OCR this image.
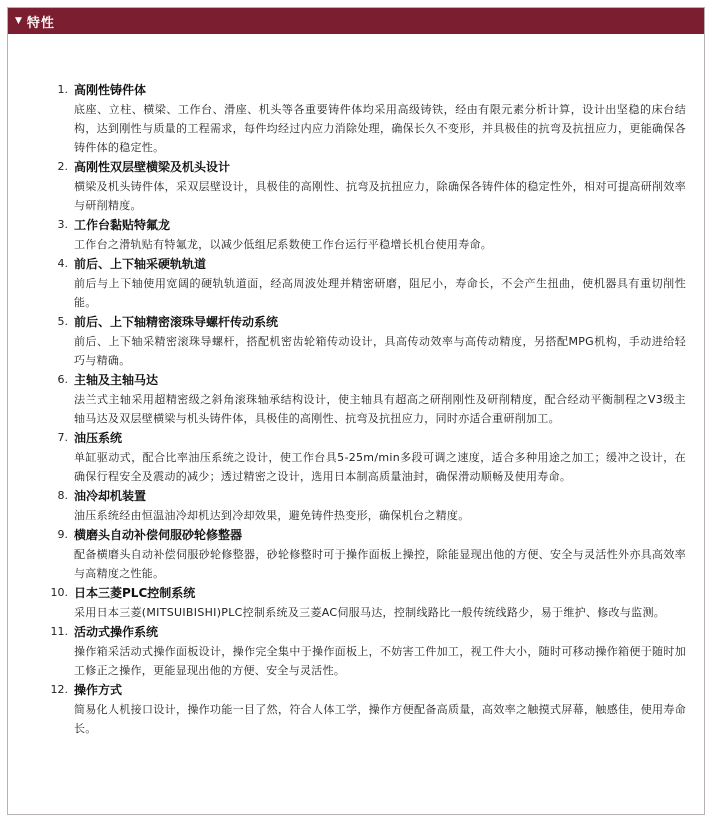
▼ 特性
1. 高刚性铸件体
底座、立柱、横梁、工作台、滑座、机头等各重要铸件体均采用高级铸铁，经由有限元素分析计算，设计出坚稳的床台结构，达到刚性与质量的工程需求，每件均经过内应力消除处理，确保长久不变形，并具极佳的抗弯及抗扭应力，更能确保各铸件体的稳定性。
2. 高刚性双层壁横梁及机头设计
横梁及机头铸件体，采双层壁设计，具极佳的高刚性、抗弯及抗扭应力，除确保各铸件体的稳定性外，相对可提高研削效率与研削精度。
3. 工作台黏贴特氟龙
工作台之滑轨贴有特氟龙，以减少低组尼系数使工作台运行平稳增长机台使用寿命。
4. 前后、上下轴采硬轨轨道
前后与上下轴使用宽阔的硬轨轨道面，经高周波处理并精密研磨，阻尼小，寿命长，不会产生扭曲，使机器具有重切削性能。
5. 前后、上下轴精密滚珠导螺杆传动系统
前后、上下轴采精密滚珠导螺杆，搭配机密齿轮箱传动设计，具高传动效率与高传动精度，另搭配MPG机构，手动进给轻巧与精确。
6. 主轴及主轴马达
法兰式主轴采用超精密级之斜角滚珠轴承结构设计，使主轴具有超高之研削刚性及研削精度，配合经动平衡制程之V3级主轴马达及双层壁横梁与机头铸件体，具极佳的高刚性、抗弯及抗扭应力，同时亦适合重研削加工。
7. 油压系统
单缸驱动式，配合比率油压系统之设计，使工作台具5-25m/min多段可调之速度，适合多种用途之加工；缓冲之设计，在确保行程安全及震动的减少；透过精密之设计，选用日本制高质量油封，确保滑动顺畅及使用寿命。
8. 油冷却机装置
油压系统经由恒温油冷却机达到冷却效果，避免铸件热变形，确保机台之精度。
9. 横磨头自动补偿伺服砂轮修整器
配备横磨头自动补偿伺服砂轮修整器，砂轮修整时可于操作面板上操控，除能显现出他的方便、安全与灵活性外亦具高效率与高精度之性能。
10. 日本三菱PLC控制系统
采用日本三菱(MITSUIBISHI)PLC控制系统及三菱AC伺服马达，控制线路比一般传统线路少，易于维护、修改与监测。
11. 活动式操作系统
操作箱采活动式操作面板设计，操作完全集中于操作面板上，不妨害工件加工，视工件大小，随时可移动操作箱便于随时加工修正之操作，更能显现出他的方便、安全与灵活性。
12. 操作方式
简易化人机接口设计，操作功能一目了然，符合人体工学，操作方便配备高质量，高效率之触摸式屏幕，触感佳，使用寿命长。
